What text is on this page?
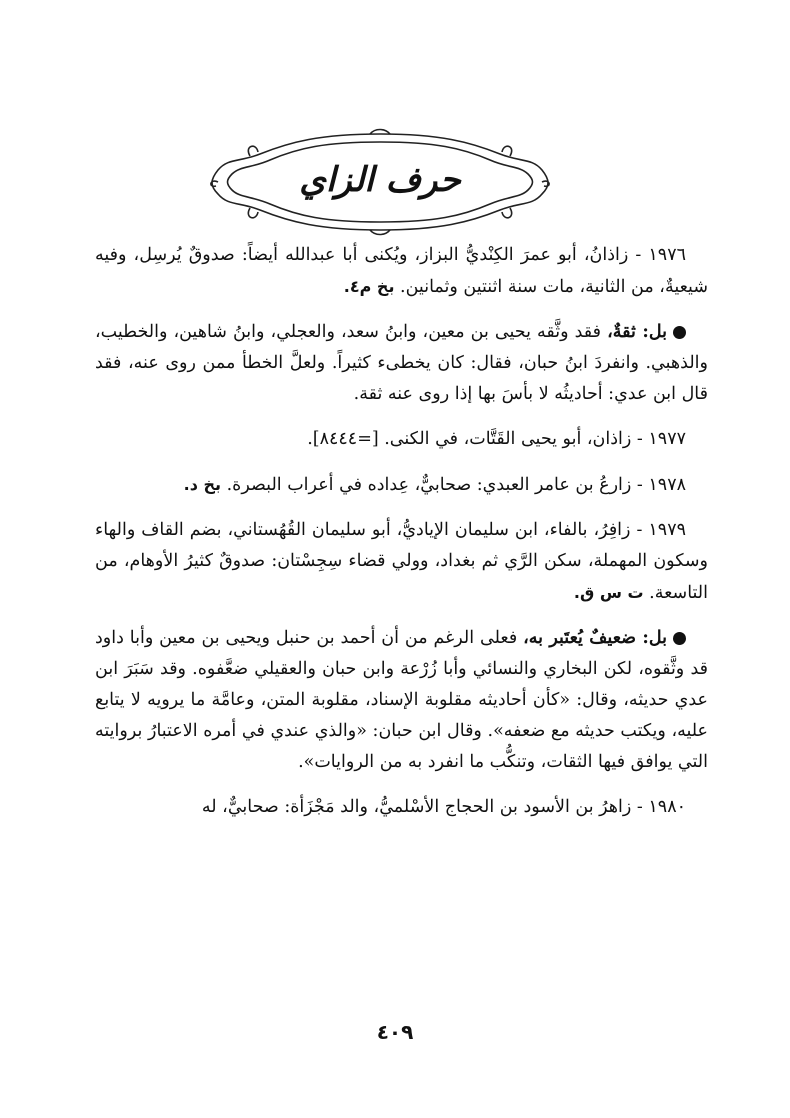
حرف الزاي

١٩٧٦ - زاذانُ، أبو عمرَ الكِنْديُّ البزاز، ويُكنى أبا عبدالله أيضاً: صدوقٌ يُرسِل، وفيه شيعيةٌ، من الثانية، مات سنة اثنتين وثمانين. بخ م٤.

بل: ثقةٌ، فقد وثَّقه يحيى بن معين، وابنُ سعد، والعجلي، وابنُ شاهين، والخطيب، والذهبي. وانفردَ ابنُ حبان، فقال: كان يخطىء كثيراً. ولعلَّ الخطأ ممن روى عنه، فقد قال ابن عدي: أحاديثُه لا بأسَ بها إذا روى عنه ثقة.

١٩٧٧ - زاذان، أبو يحيى القَتَّات، في الكنى. [=٨٤٤٤].

١٩٧٨ - زارعُ بن عامر العبدي: صحابيٌّ، عِداده في أعراب البصرة. بخ د.

١٩٧٩ - زافِرُ، بالفاء، ابن سليمان الإياديُّ، أبو سليمان القُهُستاني، بضم القاف والهاء وسكون المهملة، سكن الرَّي ثم بغداد، وولي قضاء سِجِسْتان: صدوقٌ كثيرُ الأوهام، من التاسعة. ت س ق.

بل: ضعيفٌ يُعتَبر به، فعلى الرغم من أن أحمد بن حنبل ويحيى بن معين وأبا داود قد وثَّقوه، لكن البخاري والنسائي وأبا زُرْعة وابن حبان والعقيلي ضعَّفوه. وقد سَبَرَ ابن عدي حديثه، وقال: «كأن أحاديثه مقلوبة الإسناد، مقلوبة المتن، وعامَّة ما يرويه لا يتابع عليه، ويكتب حديثه مع ضعفه». وقال ابن حبان: «والذي عندي في أمره الاعتبارُ بروايته التي يوافق فيها الثقات، وتنكُّب ما انفرد به من الروايات».

١٩٨٠ - زاهرُ بن الأسود بن الحجاج الأسْلميُّ، والد مَجْزَأة: صحابيٌّ، له

٤٠٩
